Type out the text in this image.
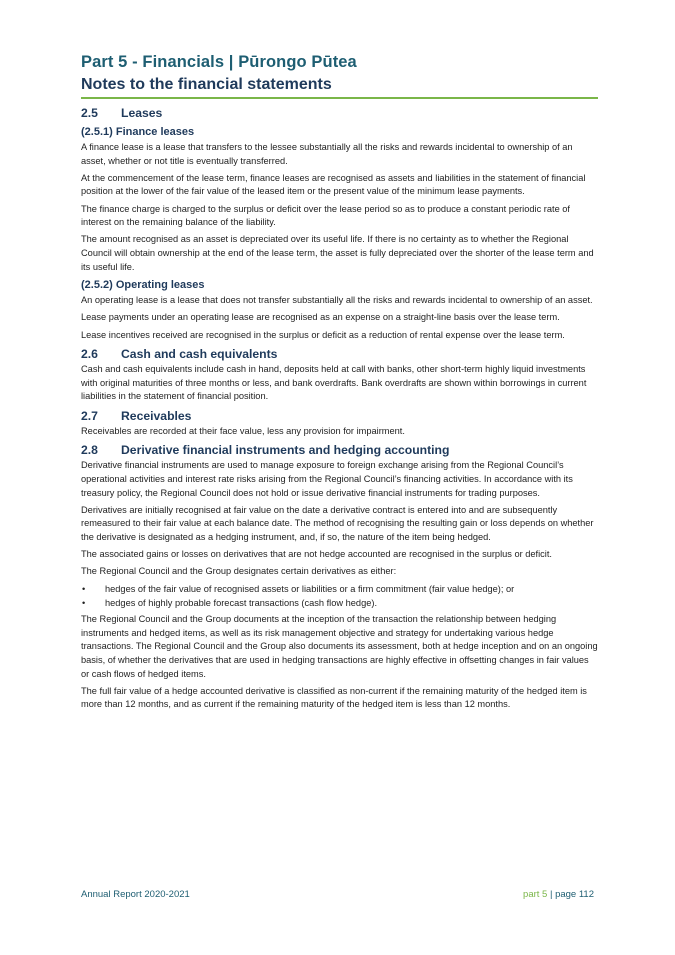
Part 5 - Financials | Pūrongo Pūtea
Notes to the financial statements
2.5	Leases
(2.5.1) Finance leases

A finance lease is a lease that transfers to the lessee substantially all the risks and rewards incidental to ownership of an asset, whether or not title is eventually transferred.

At the commencement of the lease term, finance leases are recognised as assets and liabilities in the statement of financial position at the lower of the fair value of the leased item or the present value of the minimum lease payments.

The finance charge is charged to the surplus or deficit over the lease period so as to produce a constant periodic rate of interest on the remaining balance of the liability.

The amount recognised as an asset is depreciated over its useful life. If there is no certainty as to whether the Regional Council will obtain ownership at the end of the lease term, the asset is fully depreciated over the shorter of the lease term and its useful life.

(2.5.2) Operating leases

An operating lease is a lease that does not transfer substantially all the risks and rewards incidental to ownership of an asset.

Lease payments under an operating lease are recognised as an expense on a straight-line basis over the lease term.

Lease incentives received are recognised in the surplus or deficit as a reduction of rental expense over the lease term.

2.6	Cash and cash equivalents

Cash and cash equivalents include cash in hand, deposits held at call with banks, other short-term highly liquid investments with original maturities of three months or less, and bank overdrafts. Bank overdrafts are shown within borrowings in current liabilities in the statement of financial position.

2.7	Receivables

Receivables are recorded at their face value, less any provision for impairment.

2.8	Derivative financial instruments and hedging accounting

Derivative financial instruments are used to manage exposure to foreign exchange arising from the Regional Council’s operational activities and interest rate risks arising from the Regional Council’s financing activities. In accordance with its treasury policy, the Regional Council does not hold or issue derivative financial instruments for trading purposes.

Derivatives are initially recognised at fair value on the date a derivative contract is entered into and are subsequently remeasured to their fair value at each balance date. The method of recognising the resulting gain or loss depends on whether the derivative is designated as a hedging instrument, and, if so, the nature of the item being hedged.

The associated gains or losses on derivatives that are not hedge accounted are recognised in the surplus or deficit.

The Regional Council and the Group designates certain derivatives as either:

• hedges of the fair value of recognised assets or liabilities or a firm commitment (fair value hedge); or
• hedges of highly probable forecast transactions (cash flow hedge).

The Regional Council and the Group documents at the inception of the transaction the relationship between hedging instruments and hedged items, as well as its risk management objective and strategy for undertaking various hedge transactions. The Regional Council and the Group also documents its assessment, both at hedge inception and on an ongoing basis, of whether the derivatives that are used in hedging transactions are highly effective in offsetting changes in fair values or cash flows of hedged items.

The full fair value of a hedge accounted derivative is classified as non-current if the remaining maturity of the hedged item is more than 12 months, and as current if the remaining maturity of the hedged item is less than 12 months.

Annual Report 2020-2021	part 5 | page 112
